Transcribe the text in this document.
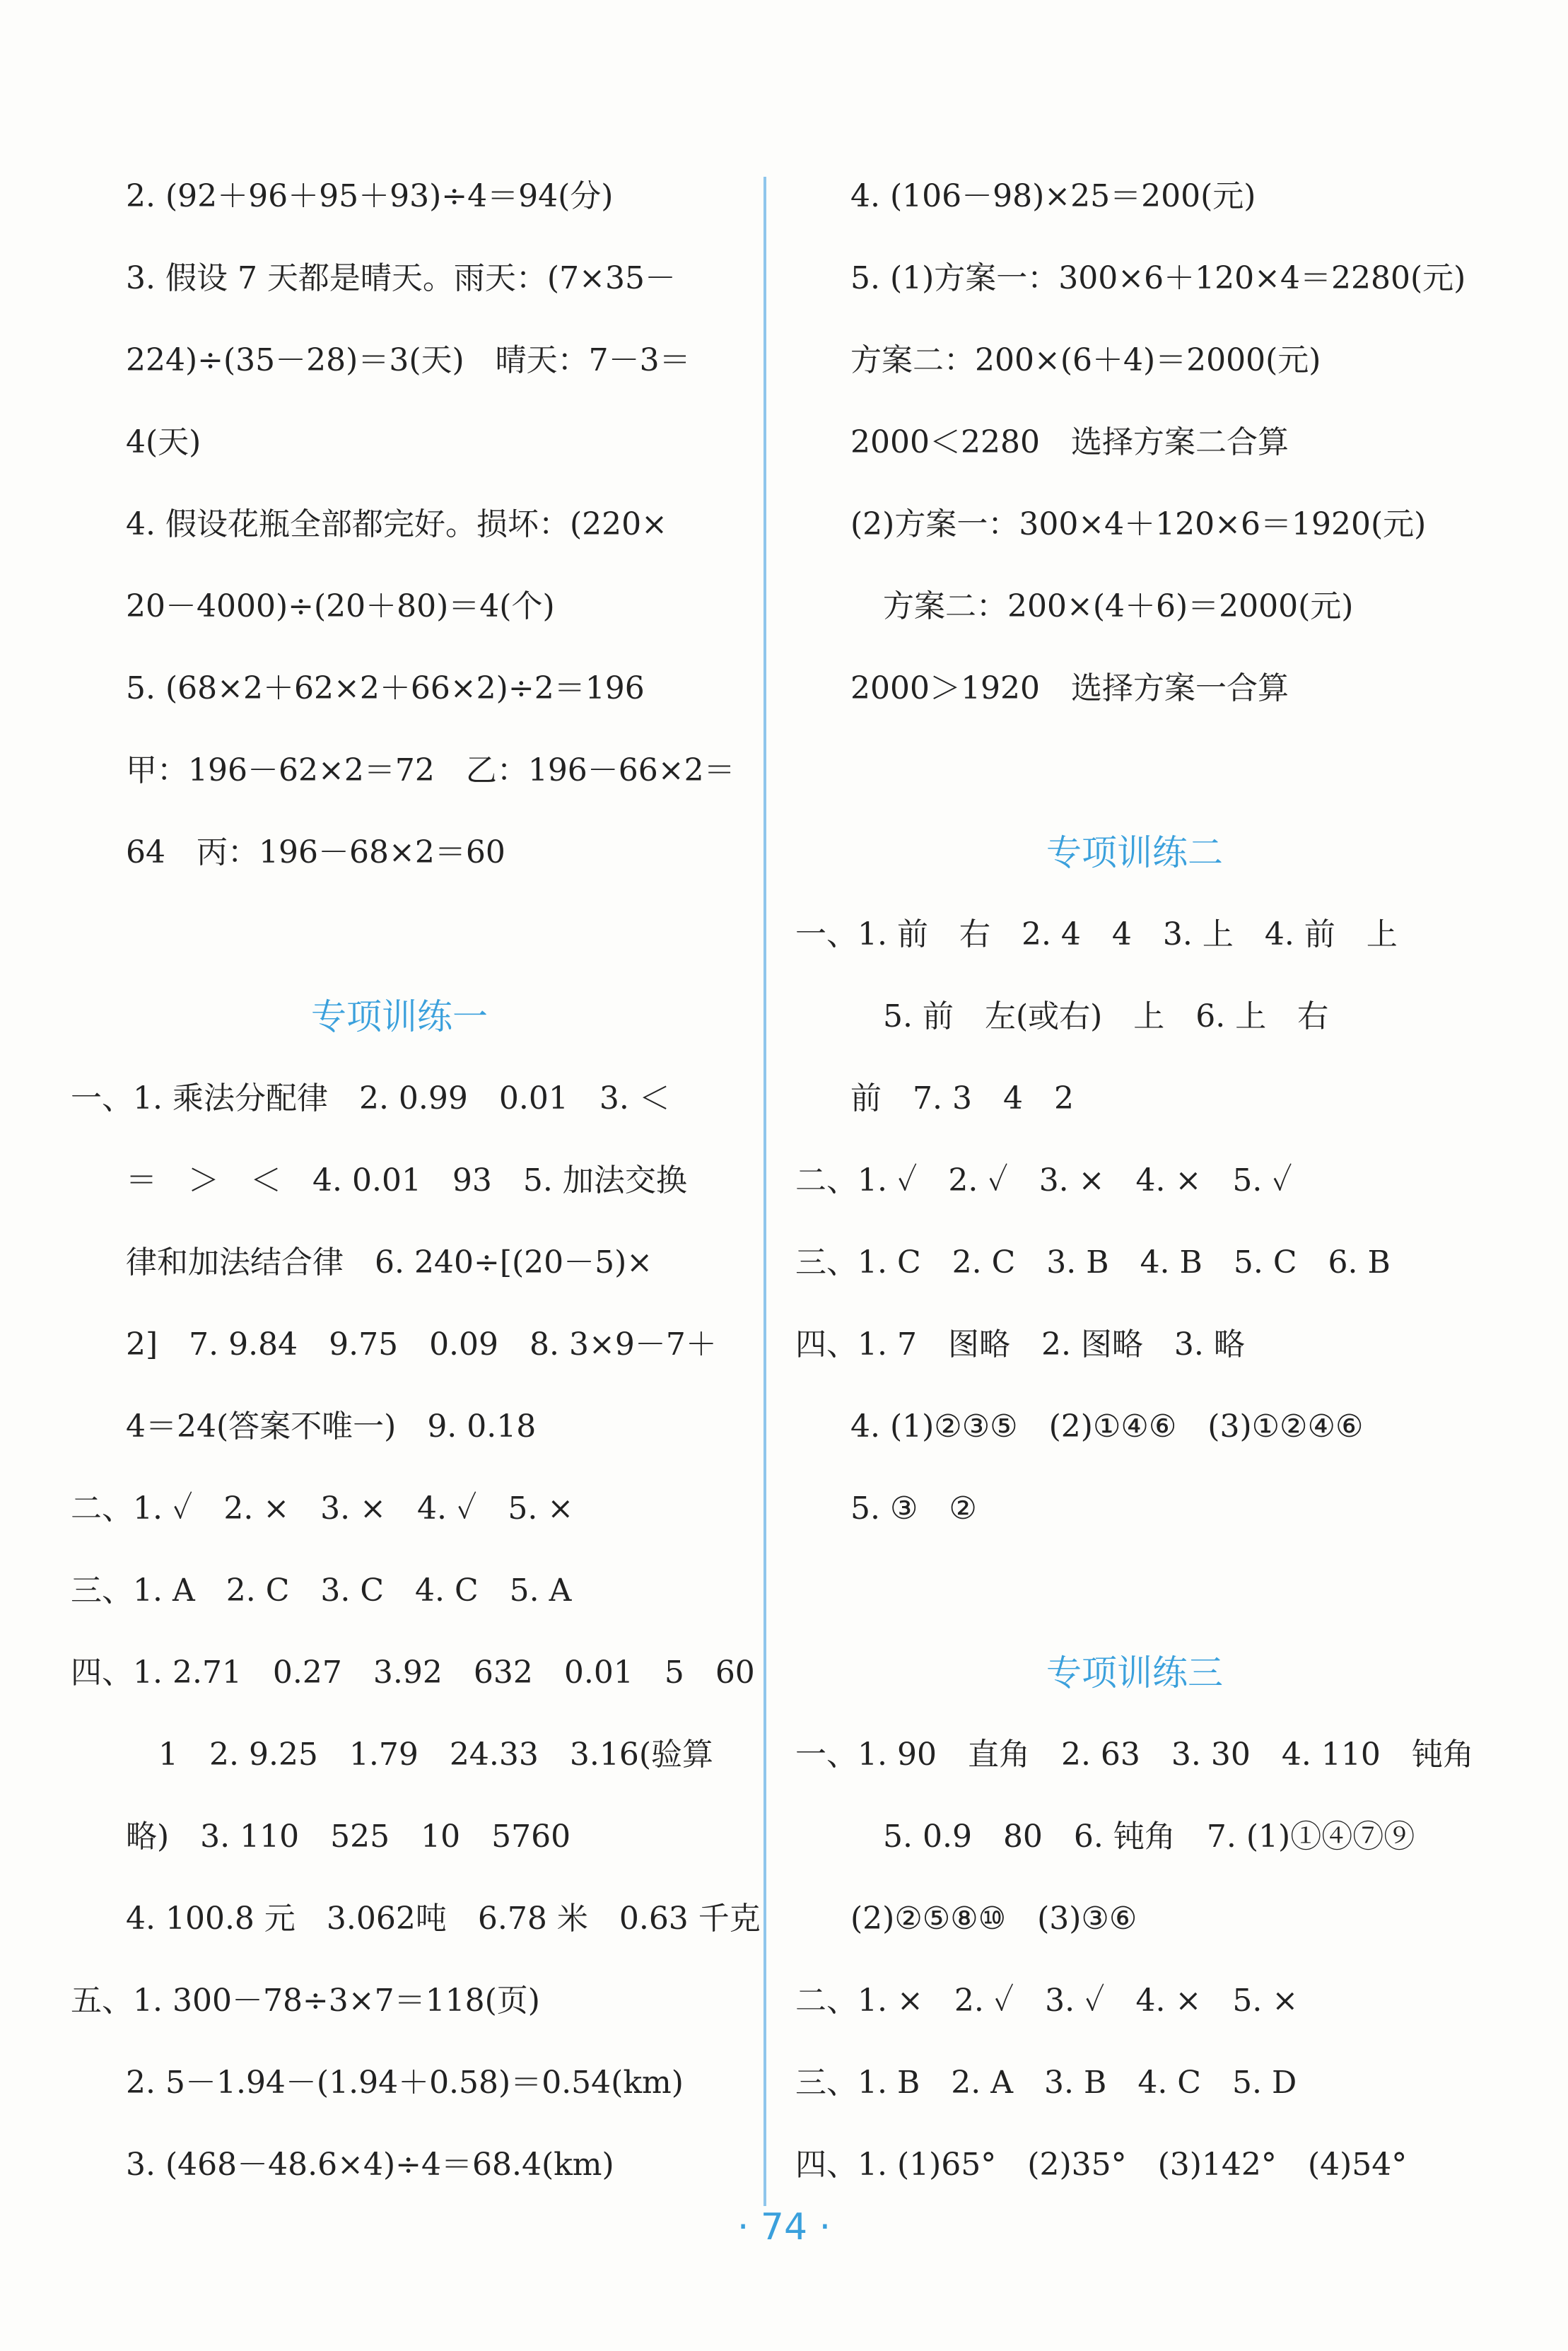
2. (92＋96＋95＋93)÷4＝94(分)
3. 假设 7 天都是晴天。雨天：(7×35－
224)÷(35－28)＝3(天)　晴天：7－3＝
4(天)
4. 假设花瓶全部都完好。损坏：(220×
20－4000)÷(20＋80)＝4(个)
5. (68×2＋62×2＋66×2)÷2＝196
甲：196－62×2＝72　乙：196－66×2＝
64　丙：196－68×2＝60
专项训练一
一、1. 乘法分配律　2. 0.99　0.01　3. ＜
＝　＞　＜　4. 0.01　93　5. 加法交换
律和加法结合律　6. 240÷[(20－5)×
2]　7. 9.84　9.75　0.09　8. 3×9－7＋
4＝24(答案不唯一)　9. 0.18
二、1. ✓　2. ×　3. ×　4. ✓　5. ×
三、1. A　2. C　3. C　4. C　5. A
四、1. 2.71　0.27　3.92　632　0.01　5　60
1　2. 9.25　1.79　24.33　3.16(验算
略)　3. 110　525　10　5760
4. 100.8 元　3.062吨　6.78 米　0.63 千克
五、1. 300－78÷3×7＝118(页)
2. 5－1.94－(1.94＋0.58)＝0.54(km)
3. (468－48.6×4)÷4＝68.4(km)
4. (106－98)×25＝200(元)
5. (1)方案一：300×6＋120×4＝2280(元)
方案二：200×(6＋4)＝2000(元)
2000＜2280　选择方案二合算
(2)方案一：300×4＋120×6＝1920(元)
方案二：200×(4＋6)＝2000(元)
2000＞1920　选择方案一合算
专项训练二
一、1. 前　右　2. 4　4　3. 上　4. 前　上
5. 前　左(或右)　上　6. 上　右
前　7. 3　4　2
二、1. ✓　2. ✓　3. ×　4. ×　5. ✓
三、1. C　2. C　3. B　4. B　5. C　6. B
四、1. 7　图略　2. 图略　3. 略
4. (1)②③⑤　(2)①④⑥　(3)①②④⑥
5. ③　②
专项训练三
一、1. 90　直角　2. 63　3. 30　4. 110　钝角
5. 0.9　80　6. 钝角　7. (1)①④⑦⑨
(2)②⑤⑧⑩　(3)③⑥
二、1. ×　2. ✓　3. ✓　4. ×　5. ×
三、1. B　2. A　3. B　4. C　5. D
四、1. (1)65°　(2)35°　(3)142°　(4)54°
· 74 ·
